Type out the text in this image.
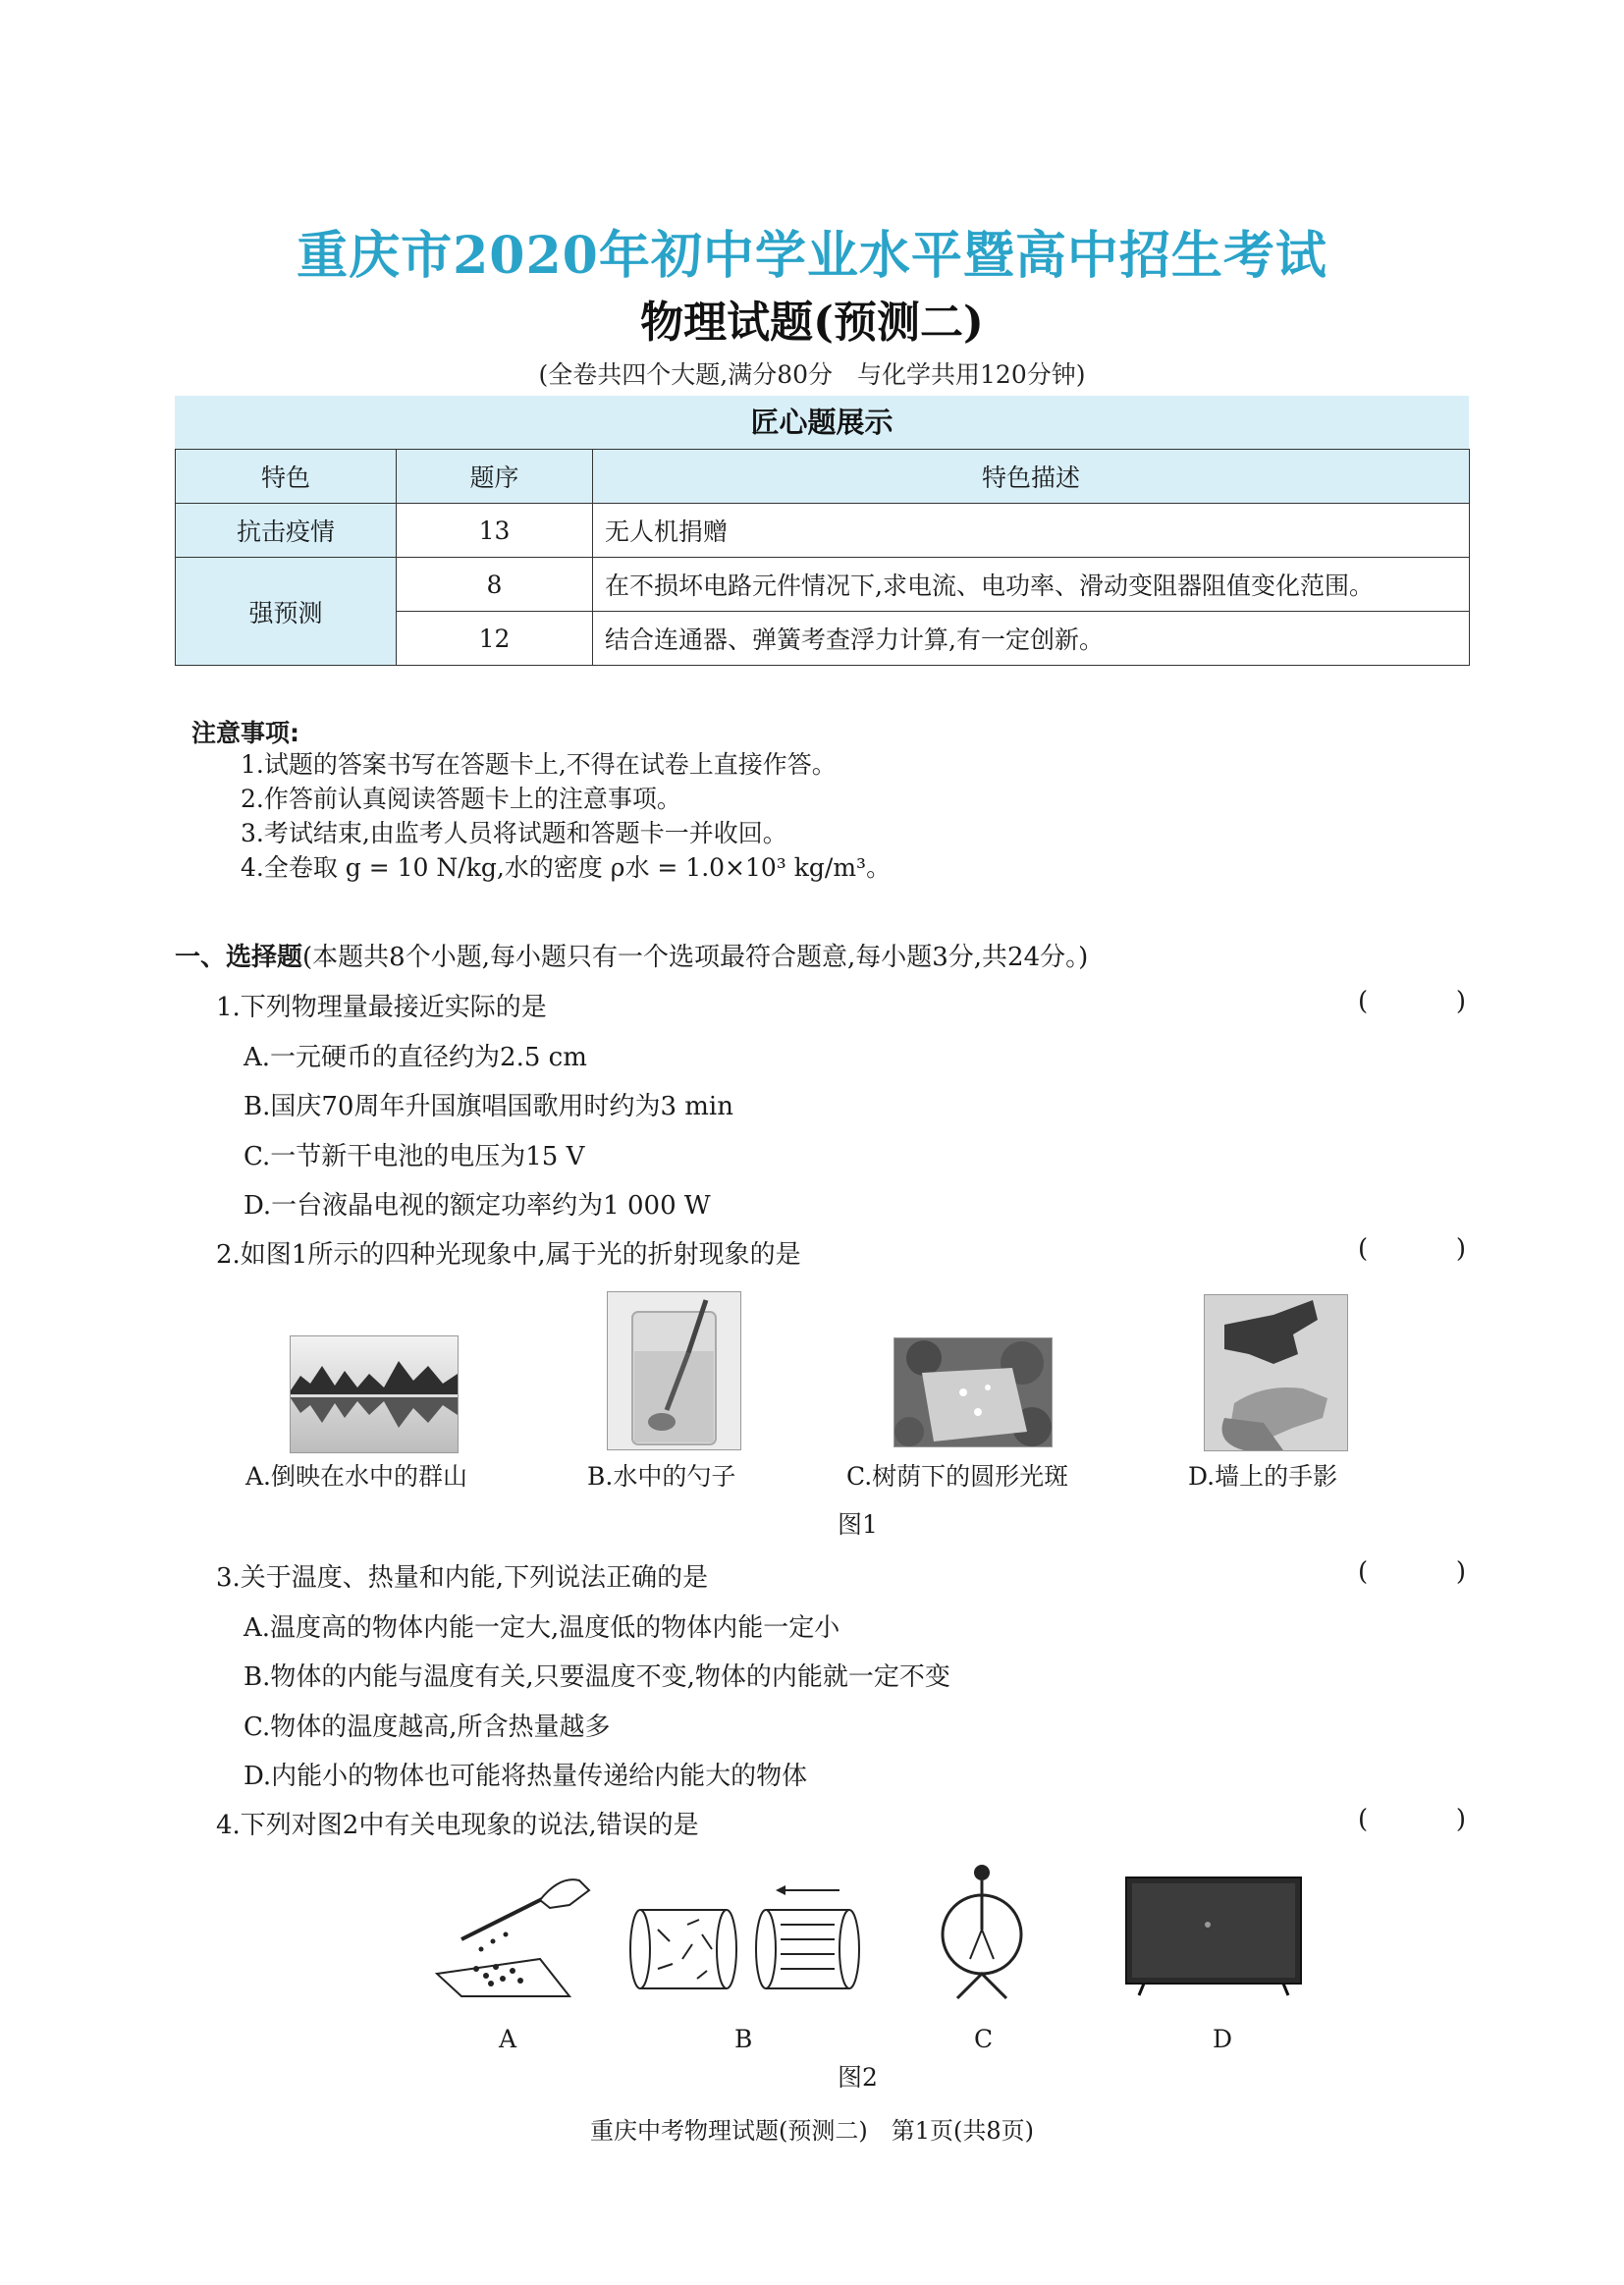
重庆市2020年初中学业水平暨高中招生考试
物理试题(预测二)
(全卷共四个大题,满分80分　与化学共用120分钟)
匠心题展示
特色	题序	特色描述
抗击疫情	13	无人机捐赠
强预测	8	在不损坏电路元件情况下,求电流、电功率、滑动变阻器阻值变化范围。
	12	结合连通器、弹簧考查浮力计算,有一定创新。
注意事项:
1.试题的答案书写在答题卡上,不得在试卷上直接作答。
2.作答前认真阅读答题卡上的注意事项。
3.考试结束,由监考人员将试题和答题卡一并收回。
4.全卷取 g = 10 N/kg,水的密度 ρ水 = 1.0×10³ kg/m³。
一、选择题(本题共8个小题,每小题只有一个选项最符合题意,每小题3分,共24分。)
1.下列物理量最接近实际的是	(	)
A.一元硬币的直径约为2.5 cm
B.国庆70周年升国旗唱国歌用时约为3 min
C.一节新干电池的电压为15 V
D.一台液晶电视的额定功率约为1 000 W
2.如图1所示的四种光现象中,属于光的折射现象的是	(	)
A.倒映在水中的群山	B.水中的勺子	C.树荫下的圆形光斑	D.墙上的手影
图1
3.关于温度、热量和内能,下列说法正确的是	(	)
A.温度高的物体内能一定大,温度低的物体内能一定小
B.物体的内能与温度有关,只要温度不变,物体的内能就一定不变
C.物体的温度越高,所含热量越多
D.内能小的物体也可能将热量传递给内能大的物体
4.下列对图2中有关电现象的说法,错误的是	(	)
A	B	C	D
图2
重庆中考物理试题(预测二)　第1页(共8页)
